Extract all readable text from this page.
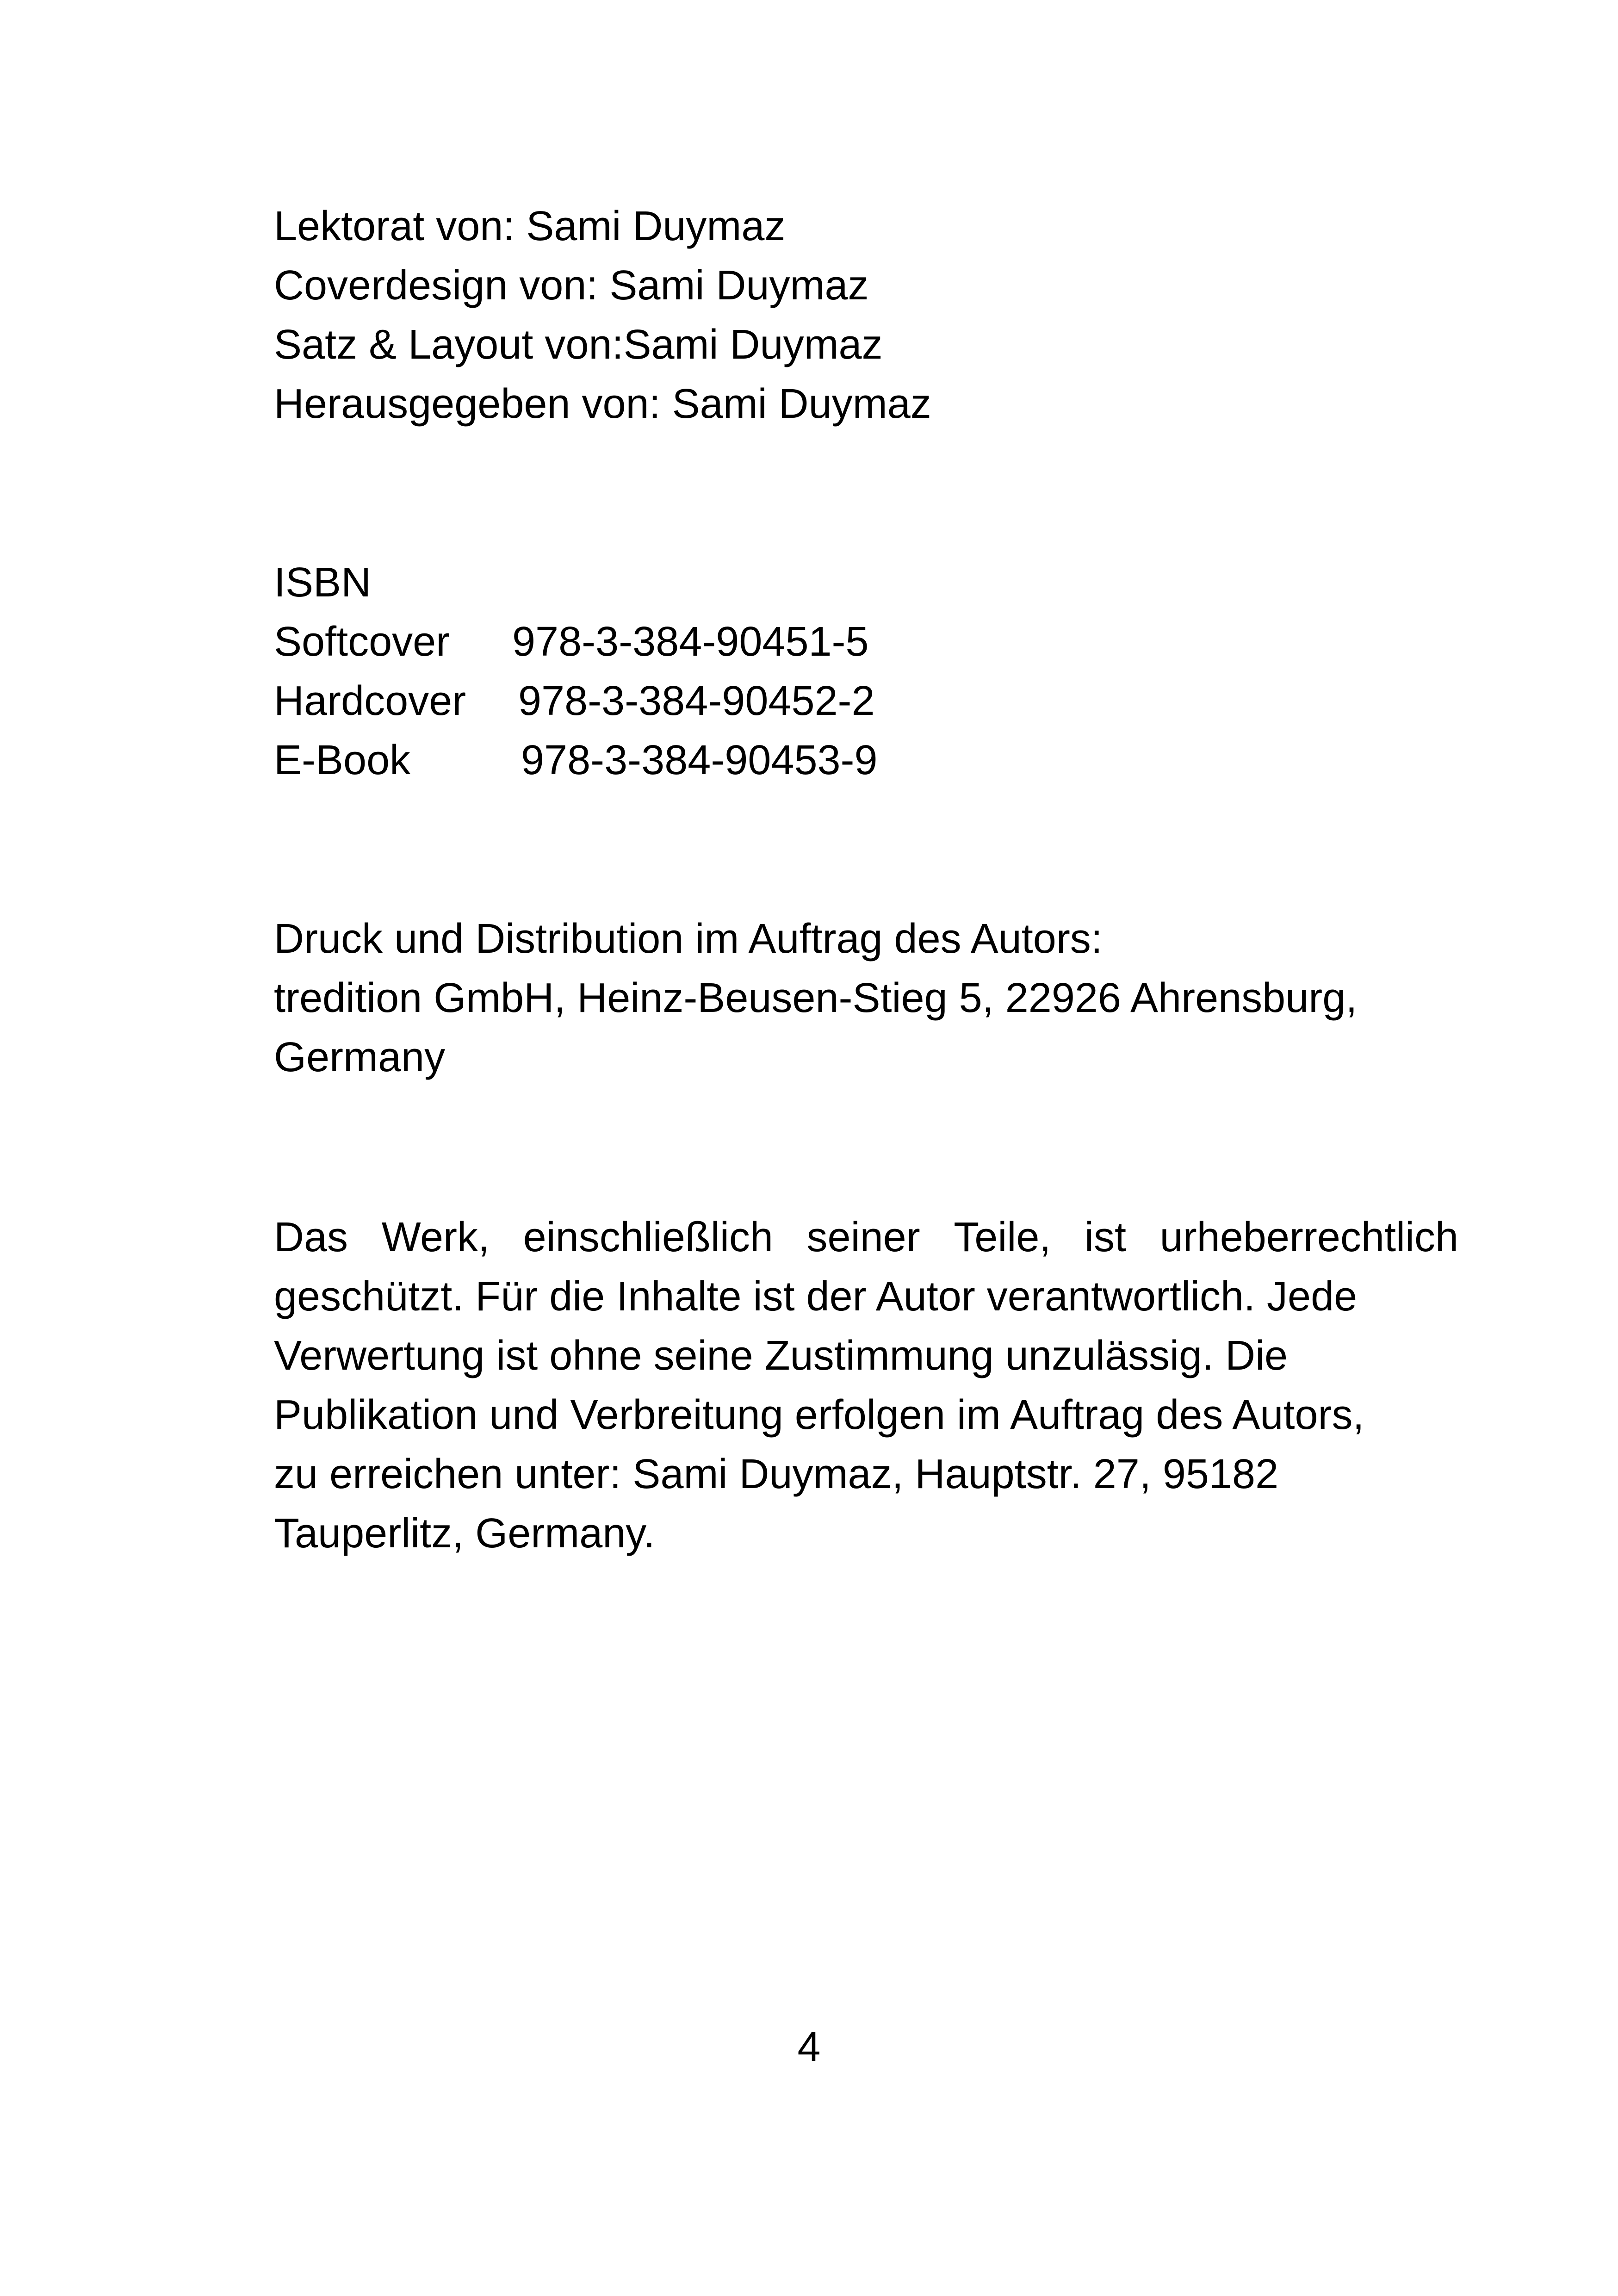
Lektorat von: Sami Duymaz
Coverdesign von: Sami Duymaz
Satz & Layout von:Sami Duymaz
Herausgegeben von: Sami Duymaz
ISBN
Softcover 978-3-384-90451-5
Hardcover 978-3-384-90452-2
E-Book	978-3-384-90453-9
Druck und Distribution im Auftrag des Autors:
tredition GmbH, Heinz-Beusen-Stieg 5, 22926 Ahrensburg,
Germany
Das Werk, einschließlich seiner Teile, ist urheberrechtlich
geschützt. Für die Inhalte ist der Autor verantwortlich. Jede
Verwertung ist ohne seine Zustimmung unzulässig. Die
Publikation und Verbreitung erfolgen im Auftrag des Autors,
zu erreichen unter: Sami Duymaz, Hauptstr. 27, 95182
Tauperlitz, Germany.
4
